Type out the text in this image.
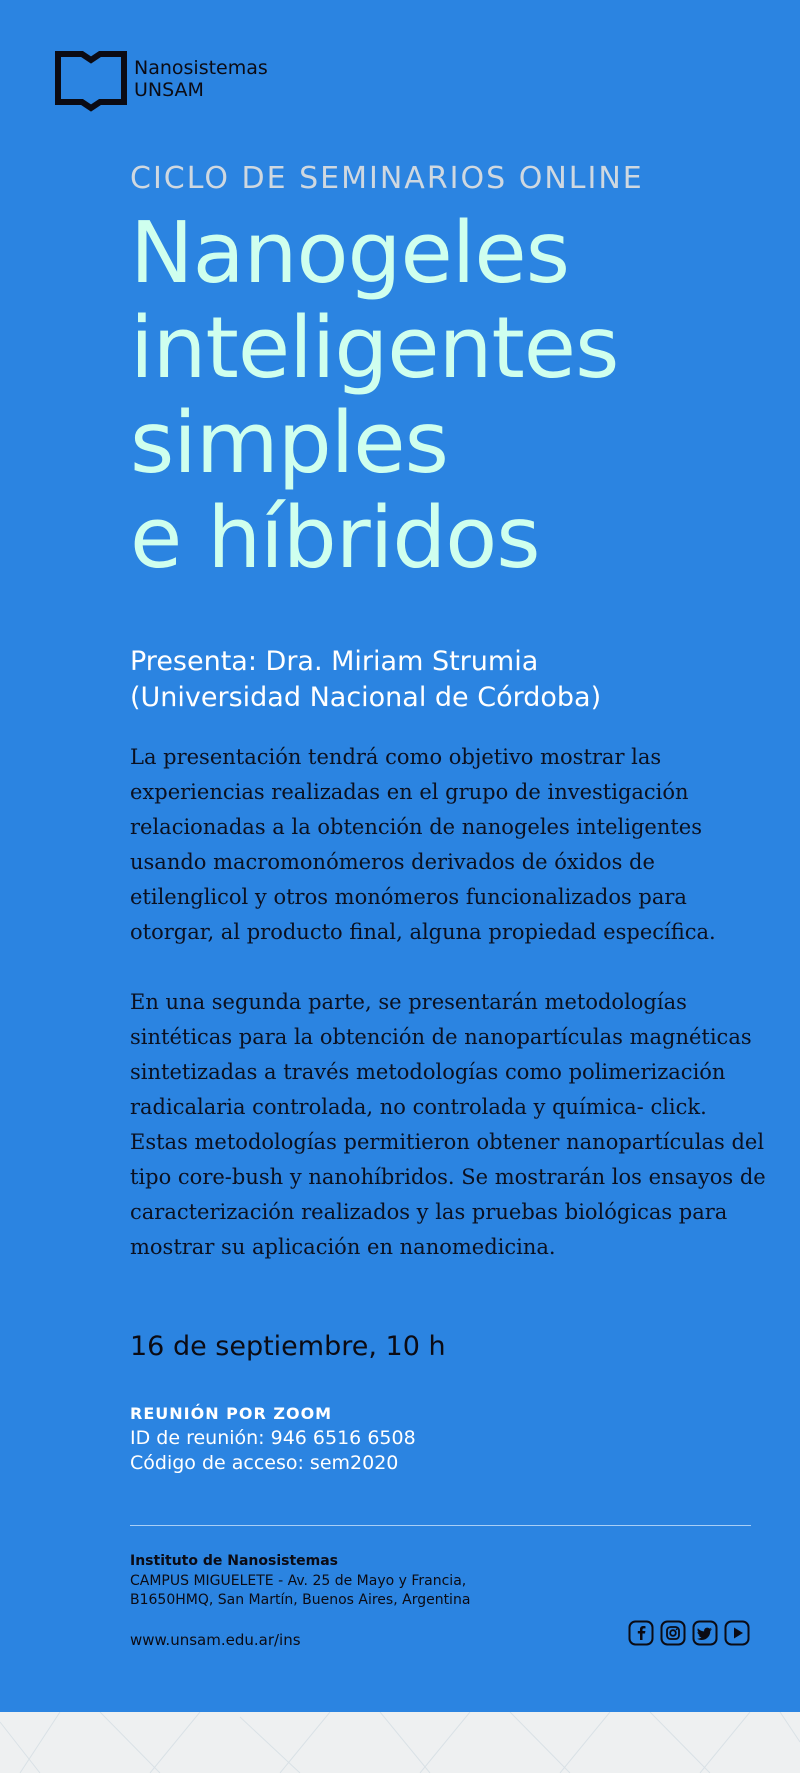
Nanosistemas
UNSAM
CICLO DE SEMINARIOS ONLINE
Nanogeles
inteligentes
simples
e híbridos
Presenta: Dra. Miriam Strumia
(Universidad Nacional de Córdoba)
La presentación tendrá como objetivo mostrar las experiencias realizadas en el grupo de investigación relacionadas a la obtención de nanogeles inteligentes usando macromonómeros derivados de óxidos de etilenglicol y otros monómeros funcionalizados para otorgar, al producto final, alguna propiedad específica.
En una segunda parte, se presentarán metodologías sintéticas para la obtención de nanopartículas magnéticas sintetizadas a través metodologías como polimerización radicalaria controlada, no controlada y química- click. Estas metodologías permitieron obtener nanopartículas del tipo core-bush y nanohíbridos. Se mostrarán los ensayos de caracterización realizados y las pruebas biológicas para mostrar su aplicación en nanomedicina.
16 de septiembre, 10 h
REUNIÓN POR ZOOM
ID de reunión: 946 6516 6508
Código de acceso: sem2020
Instituto de Nanosistemas
CAMPUS MIGUELETE - Av. 25 de Mayo y Francia,
B1650HMQ, San Martín, Buenos Aires, Argentina
www.unsam.edu.ar/ins
